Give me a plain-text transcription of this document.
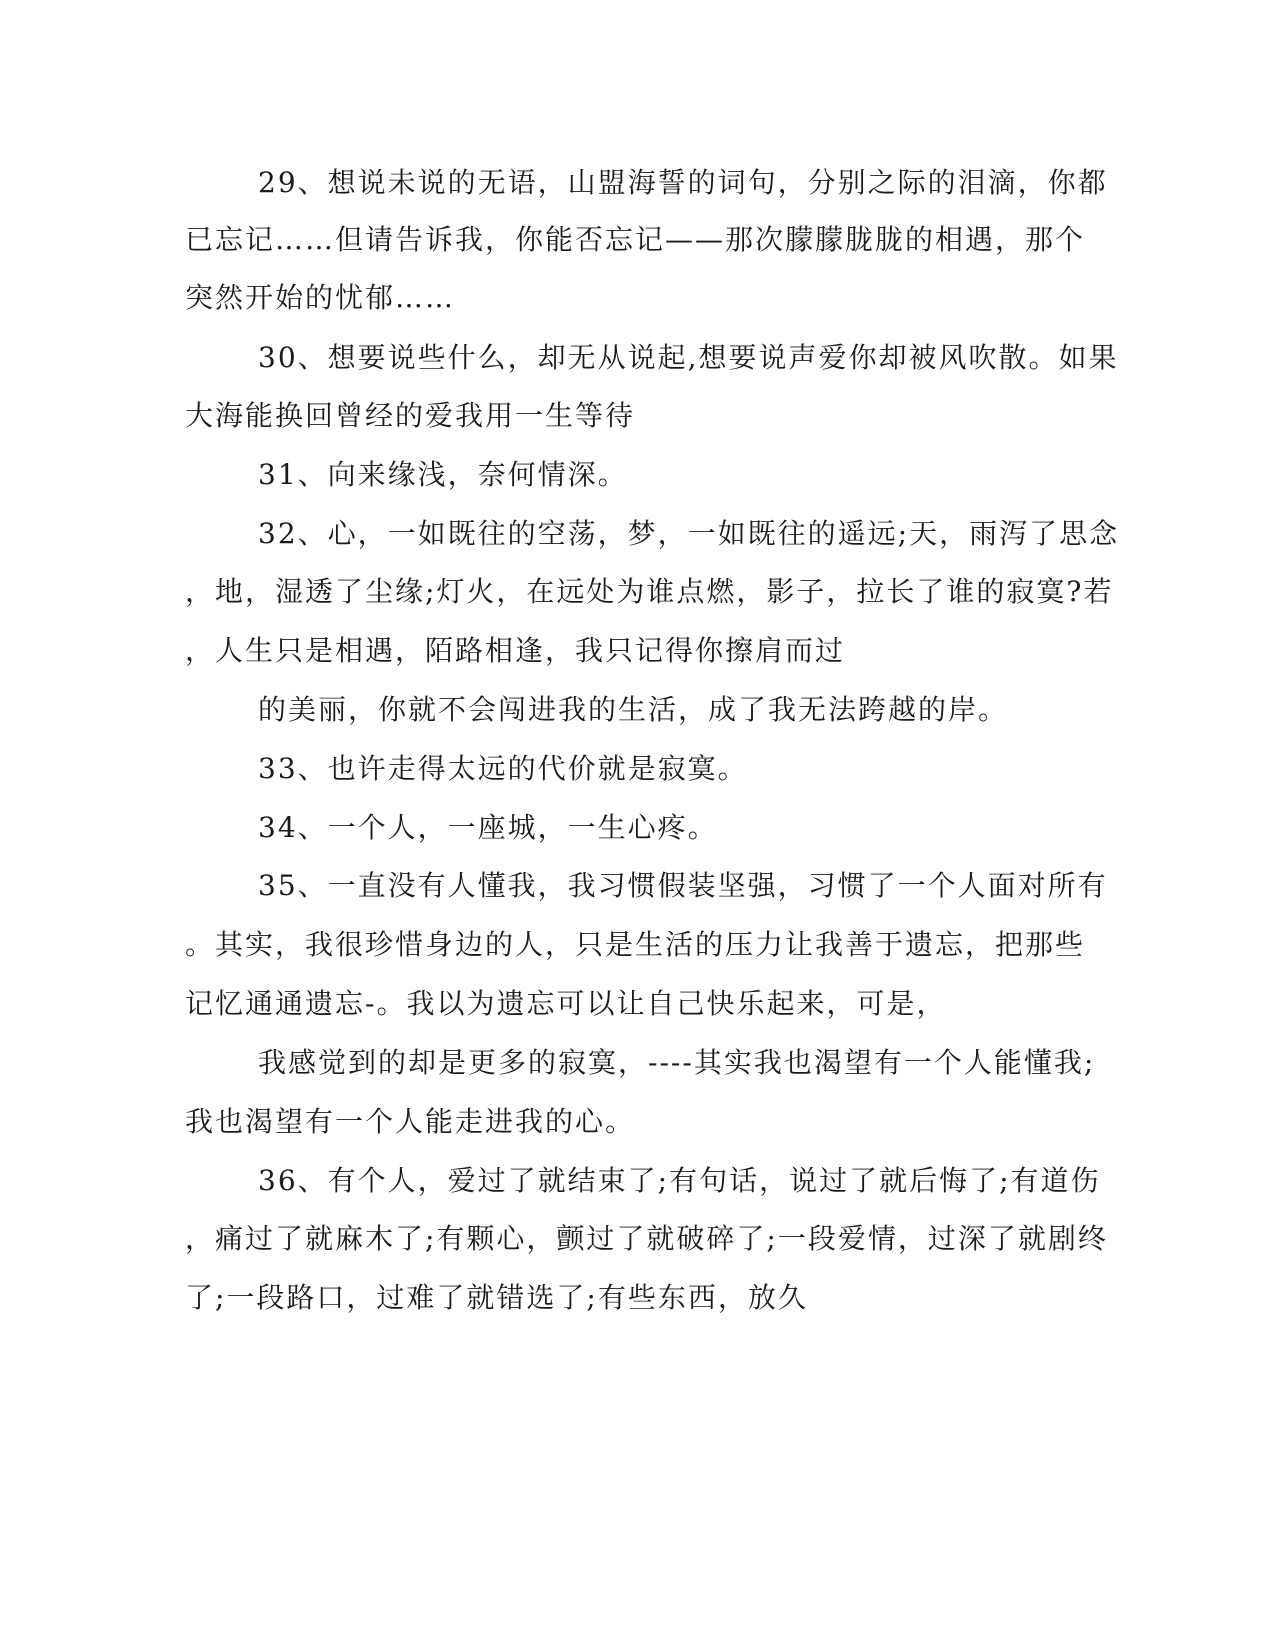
29、想说未说的无语，山盟海誓的词句，分别之际的泪滴，你都
已忘记……但请告诉我，你能否忘记——那次朦朦胧胧的相遇，那个
突然开始的忧郁……
30、想要说些什么，却无从说起,想要说声爱你却被风吹散。如果
大海能换回曾经的爱我用一生等待
31、向来缘浅，奈何情深。
32、心，一如既往的空荡，梦，一如既往的遥远;天，雨泻了思念
，地，湿透了尘缘;灯火，在远处为谁点燃，影子，拉长了谁的寂寞?若
，人生只是相遇，陌路相逢，我只记得你擦肩而过
的美丽，你就不会闯进我的生活，成了我无法跨越的岸。
33、也许走得太远的代价就是寂寞。
34、一个人，一座城，一生心疼。
35、一直没有人懂我，我习惯假装坚强，习惯了一个人面对所有
。其实，我很珍惜身边的人，只是生活的压力让我善于遗忘，把那些
记忆通通遗忘-。我以为遗忘可以让自己快乐起来，可是，
我感觉到的却是更多的寂寞，----其实我也渴望有一个人能懂我;
我也渴望有一个人能走进我的心。
36、有个人，爱过了就结束了;有句话，说过了就后悔了;有道伤
，痛过了就麻木了;有颗心，颤过了就破碎了;一段爱情，过深了就剧终
了;一段路口，过难了就错选了;有些东西，放久
